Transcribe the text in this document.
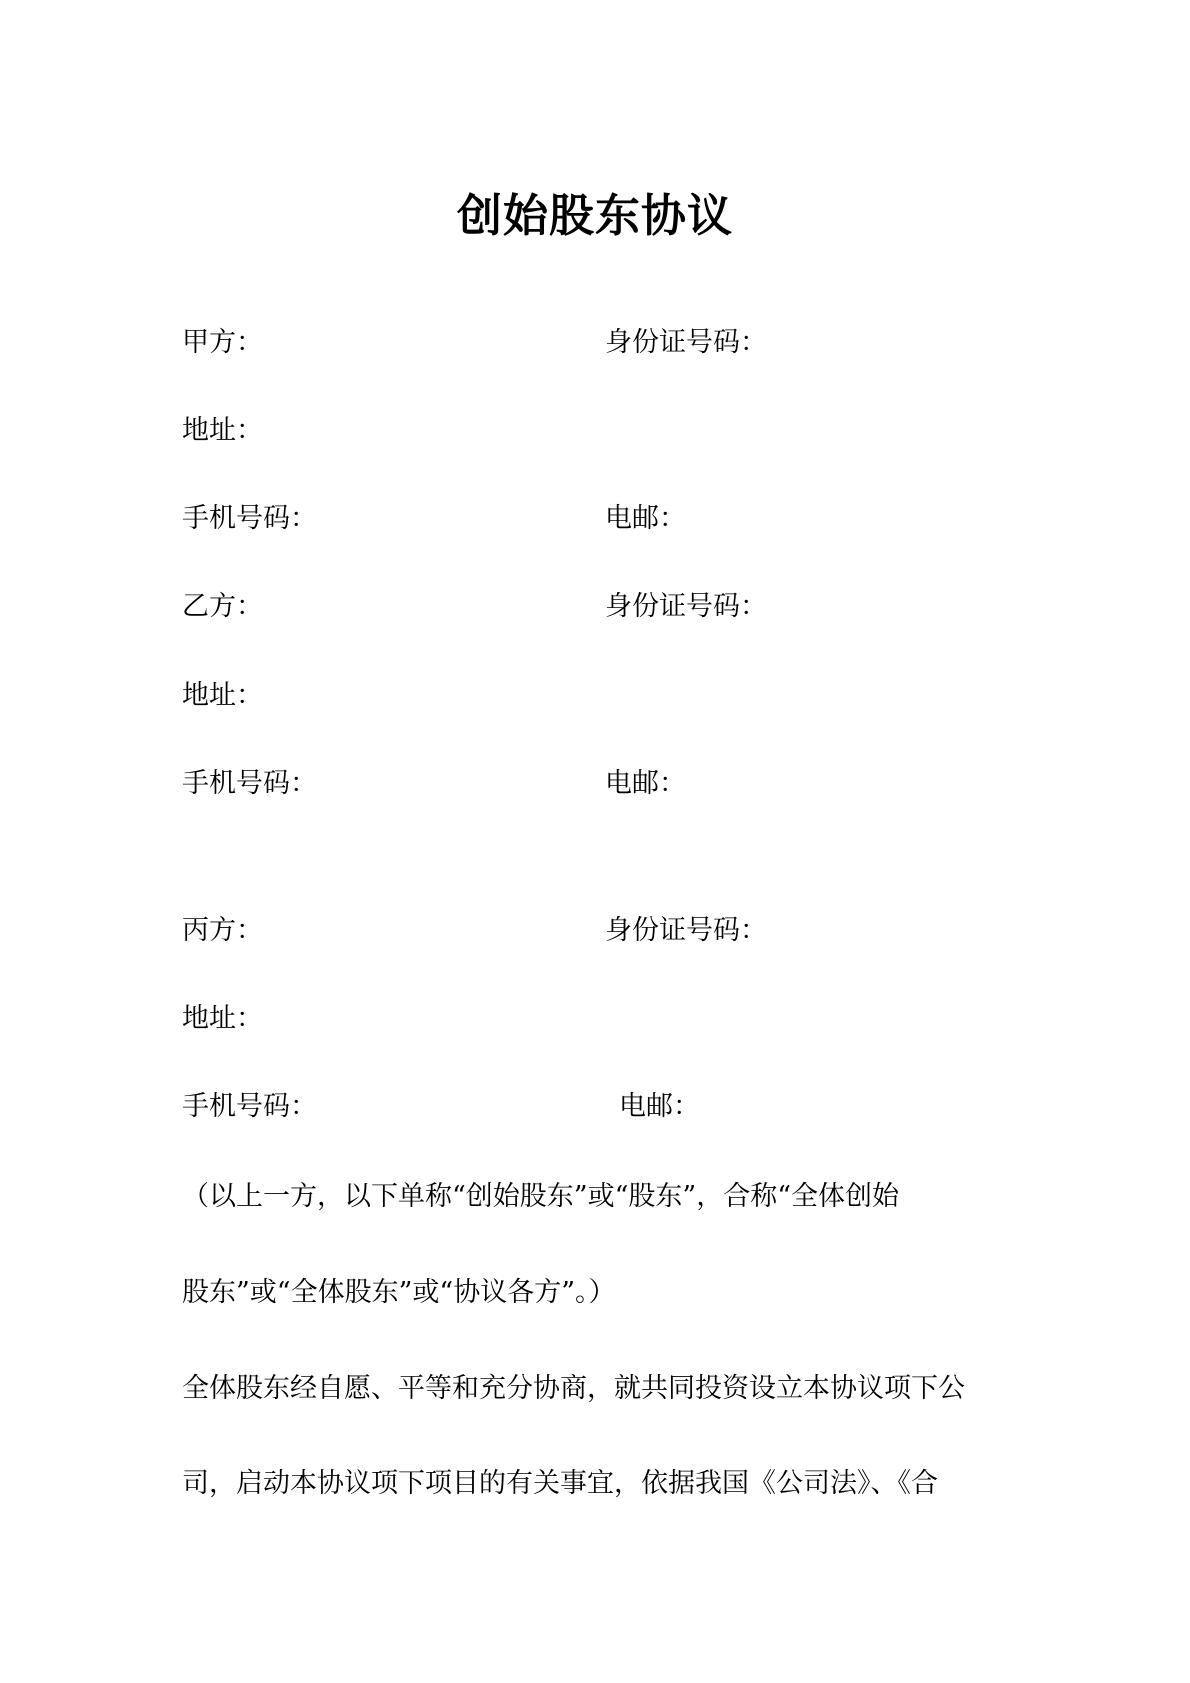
创始股东协议
甲方：	身份证号码：
地址：
手机号码：	电邮：
乙方：	身份证号码：
地址：
手机号码：	电邮：
丙方：	身份证号码：
地址：
手机号码：	电邮：
（以上一方，以下单称“创始股东”或“股东”，合称“全体创始
股东”或“全体股东”或“协议各方”。）
全体股东经自愿、平等和充分协商，就共同投资设立本协议项下公
司，启动本协议项下项目的有关事宜，依据我国《公司法》、《合
